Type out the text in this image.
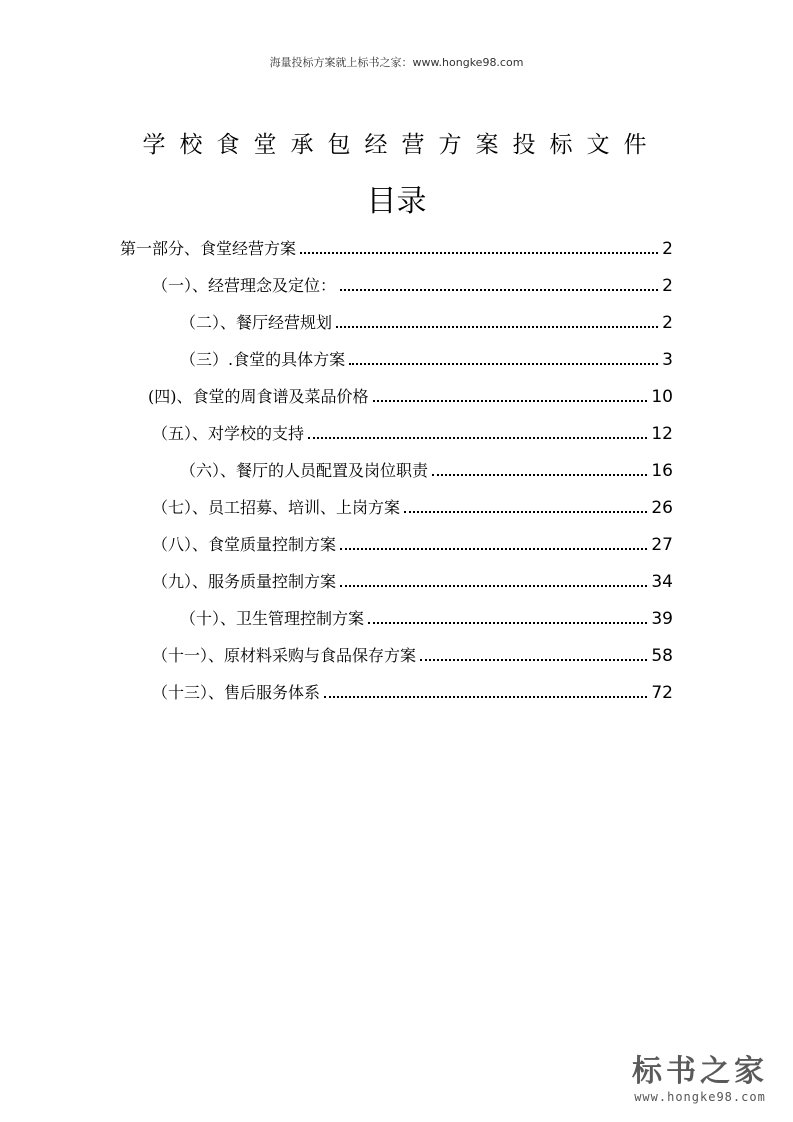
海量投标方案就上标书之家：www.hongke98.com
学校食堂承包经营方案投标文件
目录
第一部分、食堂经营方案	2
（一）、经营理念及定位：	2
（二）、餐厅经营规划	2
（三）.食堂的具体方案	3
(四)、食堂的周食谱及菜品价格	10
（五）、对学校的支持	12
（六）、餐厅的人员配置及岗位职责	16
（七）、员工招募、培训、上岗方案	26
（八）、食堂质量控制方案	27
（九）、服务质量控制方案	34
（十）、卫生管理控制方案	39
（十一）、原材料采购与食品保存方案	58
（十三）、售后服务体系	72
标书之家
www.hongke98.com
